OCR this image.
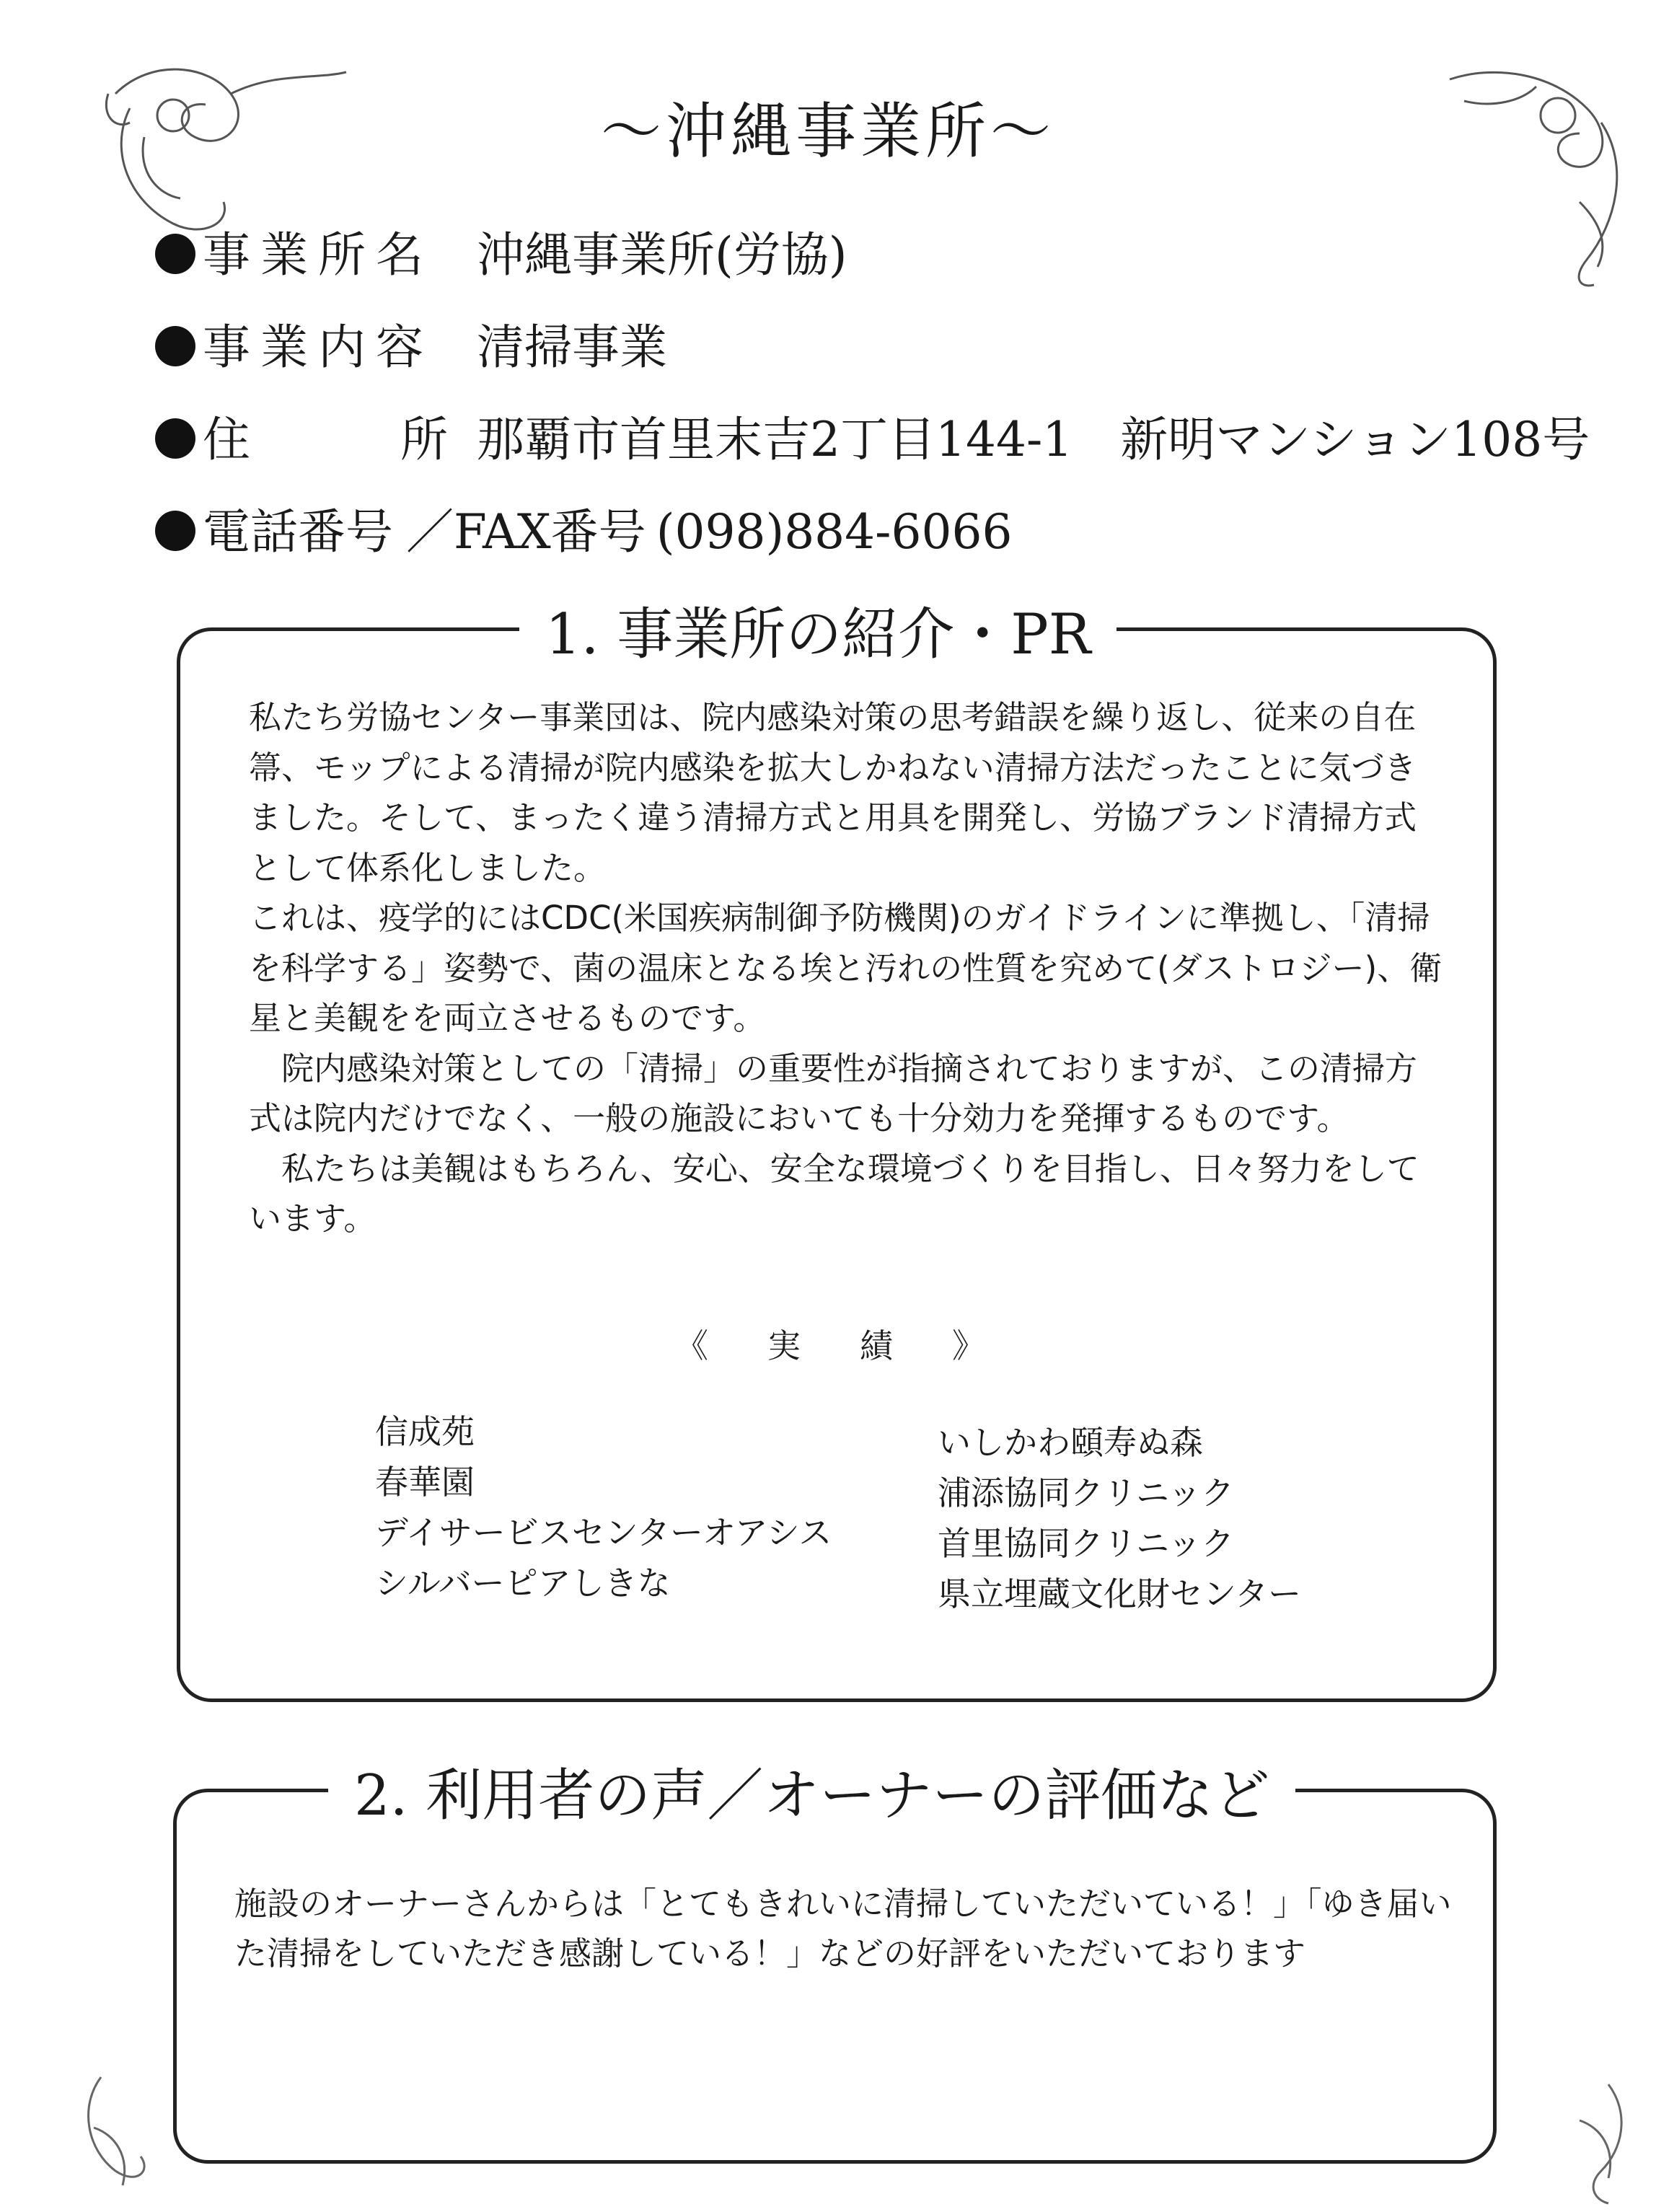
～沖縄事業所～
事業所名 沖縄事業所(労協)
事業内容 清掃事業
住	所 那覇市首里末吉2丁目144-1　新明マンション108号
電話番号 ／FAX番号 (098)884-6066
1. 事業所の紹介・PR

私たち労協センター事業団は、院内感染対策の思考錯誤を繰り返し、従来の自在箒、モップによる清掃が院内感染を拡大しかねない清掃方法だったことに気づきました。そして、まったく違う清掃方式と用具を開発し、労協ブランド清掃方式として体系化しました。

これは、疫学的にはCDC(米国疾病制御予防機関)のガイドラインに準拠し、「清掃を科学する」姿勢で、菌の温床となる埃と汚れの性質を究めて(ダストロジー)、衛星と美観をを両立させるものです。

院内感染対策としての「清掃」の重要性が指摘されておりますが、この清掃方式は院内だけでなく、一般の施設においても十分効力を発揮するものです。

私たちは美観はもちろん、安心、安全な環境づくりを目指し、日々努力をしています。

《　実　績　》
信成苑
春華園
デイサービスセンターオアシス
シルバーピアしきな
いしかわ頤寿ぬ森
浦添協同クリニック
首里協同クリニック
県立埋蔵文化財センター
2. 利用者の声／オーナーの評価など
施設のオーナーさんからは「とてもきれいに清掃していただいている！」「ゆき届いた清掃をしていただき感謝している！」などの好評をいただいております
